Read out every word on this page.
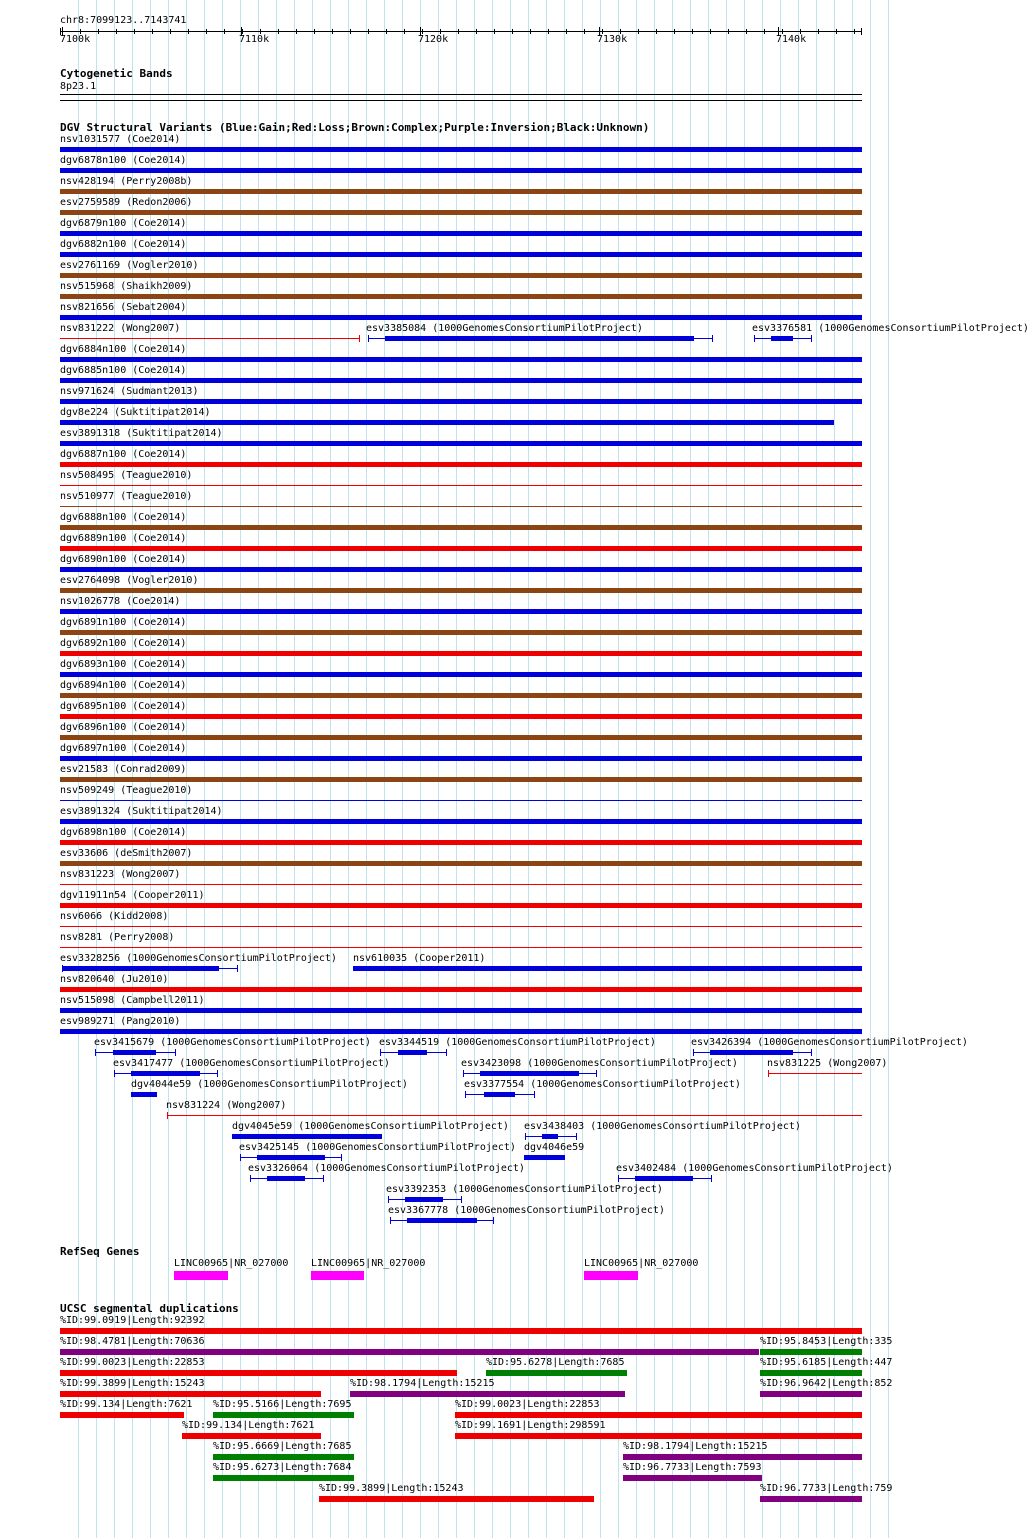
chr8:7099123..7143741
7100k	7110k	7120k	7130k	7140k
Cytogenetic Bands
8p23.1
DGV Structural Variants (Blue:Gain;Red:Loss;Brown:Complex;Purple:Inversion;Black:Unknown)
nsv1031577 (Coe2014)
dgv6878n100 (Coe2014)
nsv428194 (Perry2008b)
esv2759589 (Redon2006)
dgv6879n100 (Coe2014)
dgv6882n100 (Coe2014)
esv2761169 (Vogler2010)
nsv515968 (Shaikh2009)
nsv821656 (Sebat2004)
nsv831222 (Wong2007)
dgv6884n100 (Coe2014)
dgv6885n100 (Coe2014)
nsv971624 (Sudmant2013)
dgv8e224 (Suktitipat2014)
esv3891318 (Suktitipat2014)
dgv6887n100 (Coe2014)
nsv508495 (Teague2010)
nsv510977 (Teague2010)
dgv6888n100 (Coe2014)
dgv6889n100 (Coe2014)
dgv6890n100 (Coe2014)
esv2764098 (Vogler2010)
nsv1026778 (Coe2014)
dgv6891n100 (Coe2014)
dgv6892n100 (Coe2014)
dgv6893n100 (Coe2014)
dgv6894n100 (Coe2014)
dgv6895n100 (Coe2014)
dgv6896n100 (Coe2014)
dgv6897n100 (Coe2014)
esv21583 (Conrad2009)
nsv509249 (Teague2010)
esv3891324 (Suktitipat2014)
dgv6898n100 (Coe2014)
esv33606 (deSmith2007)
nsv831223 (Wong2007)
dgv11911n54 (Cooper2011)
nsv6066 (Kidd2008)
nsv8281 (Perry2008)
esv3328256 (1000GenomesConsortiumPilotProject)
nsv820640 (Ju2010)
nsv515098 (Campbell2011)
esv989271 (Pang2010)
esv3385084 (1000GenomesConsortiumPilotProject)	esv3376581 (1000GenomesConsortiumPilotProject)
nsv610035 (Cooper2011)
esv3415679 (1000GenomesConsortiumPilotProject) esv3344519 (1000GenomesConsortiumPilotProject)	esv3426394 (1000GenomesConsortiumPilotProject)
esv3417477 (1000GenomesConsortiumPilotProject)	esv3423098 (1000GenomesConsortiumPilotProject)	nsv831225 (Wong2007)
dgv4044e59 (1000GenomesConsortiumPilotProject)	esv3377554 (1000GenomesConsortiumPilotProject)
nsv831224 (Wong2007)
dgv4045e59 (1000GenomesConsortiumPilotProject) esv3438403 (1000GenomesConsortiumPilotProject)
esv3425145 (1000GenomesConsortiumPilotProject) dgv4046e59
esv3326064 (1000GenomesConsortiumPilotProject)	esv3402484 (1000GenomesConsortiumPilotProject)
esv3392353 (1000GenomesConsortiumPilotProject)
esv3367778 (1000GenomesConsortiumPilotProject)
RefSeq Genes
LINC00965|NR_027000 LINC00965|NR_027000	LINC00965|NR_027000
UCSC segmental duplications
%ID:99.0919|Length:92392
%ID:98.4781|Length:70636	%ID:95.8453|Length:335
%ID:99.0023|Length:22853	%ID:95.6278|Length:7685	%ID:95.6185|Length:447
%ID:99.3899|Length:15243	%ID:98.1794|Length:15215	%ID:96.9642|Length:852
%ID:99.134|Length:7621 %ID:95.5166|Length:7695	%ID:99.0023|Length:22853
%ID:99.134|Length:7621	%ID:99.1691|Length:298591
%ID:95.6669|Length:7685	%ID:98.1794|Length:15215
%ID:95.6273|Length:7684	%ID:96.7733|Length:7593
%ID:99.3899|Length:15243	%ID:96.7733|Length:759
